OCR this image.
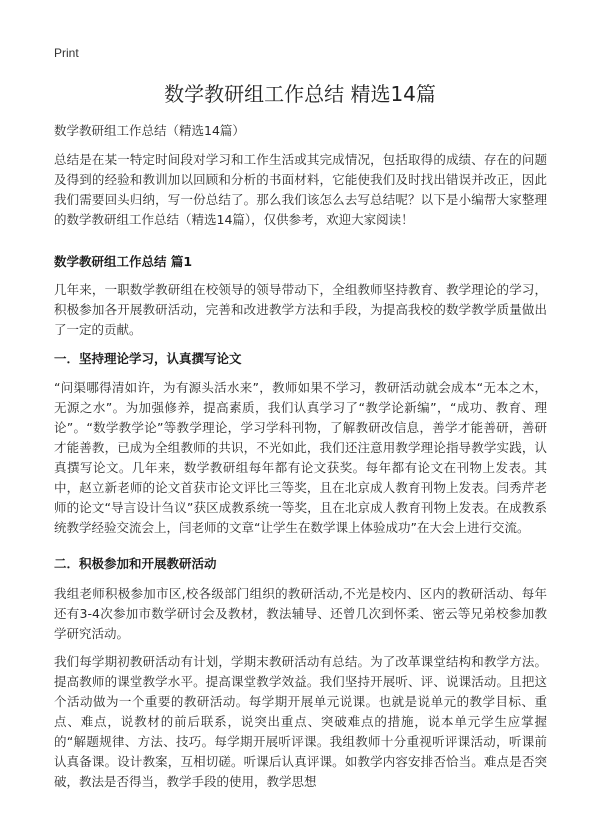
Print
数学教研组工作总结 精选14篇

数学教研组工作总结（精选14篇）

总结是在某一特定时间段对学习和工作生活或其完成情况，包括取得的成绩、存在的问题及得到的经验和教训加以回顾和分析的书面材料，它能使我们及时找出错误并改正，因此我们需要回头归纳，写一份总结了。那么我们该怎么去写总结呢？以下是小编帮大家整理的数学教研组工作总结（精选14篇），仅供参考，欢迎大家阅读！

数学教研组工作总结 篇1

几年来，一职数学教研组在校领导的领导带动下，全组教师坚持教育、教学理论的学习，积极参加各开展教研活动，完善和改进教学方法和手段，为提高我校的数学教学质量做出了一定的贡献。

一．坚持理论学习，认真撰写论文

“问渠哪得清如许，为有源头活水来”，教师如果不学习，教研活动就会成本“无本之木，无源之水”。为加强修养，提高素质，我们认真学习了“教学论新编”，“成功、教育、理论”。“数学教学论”等教学理论，学习学科刊物，了解教研改信息，善学才能善研，善研才能善教，已成为全组教师的共识，不光如此，我们还注意用教学理论指导教学实践，认真撰写论文。几年来，数学教研组每年都有论文获奖。每年都有论文在刊物上发表。其中，赵立新老师的论文首获市论文评比三等奖，且在北京成人教育刊物上发表。闫秀芹老师的论文“导言设计刍议”获区成教系统一等奖，且在北京成人教育刊物上发表。在成教系统教学经验交流会上，闫老师的文章“让学生在数学课上体验成功”在大会上进行交流。

二．积极参加和开展教研活动

我组老师积极参加市区,校各级部门组织的教研活动,不光是校内、区内的教研活动、每年还有3-4次参加市数学研讨会及教材，教法辅导、还曾几次到怀柔、密云等兄弟校参加教学研究活动。

我们每学期初教研活动有计划，学期末教研活动有总结。为了改革课堂结构和教学方法。提高教师的课堂教学水平。提高课堂教学效益。我们坚持开展听、评、说课活动。且把这个活动做为一个重要的教研活动。每学期开展单元说课。也就是说单元的教学目标、重点、难点，说教材的前后联系，说突出重点、突破难点的措施，说本单元学生应掌握的“解题规律、方法、技巧。每学期开展听评课。我组教师十分重视听评课活动，听课前认真备课。设计教案，互相切磋。听课后认真评课。如教学内容安排否恰当。难点是否突破，教法是否得当，教学手段的使用，教学思想
